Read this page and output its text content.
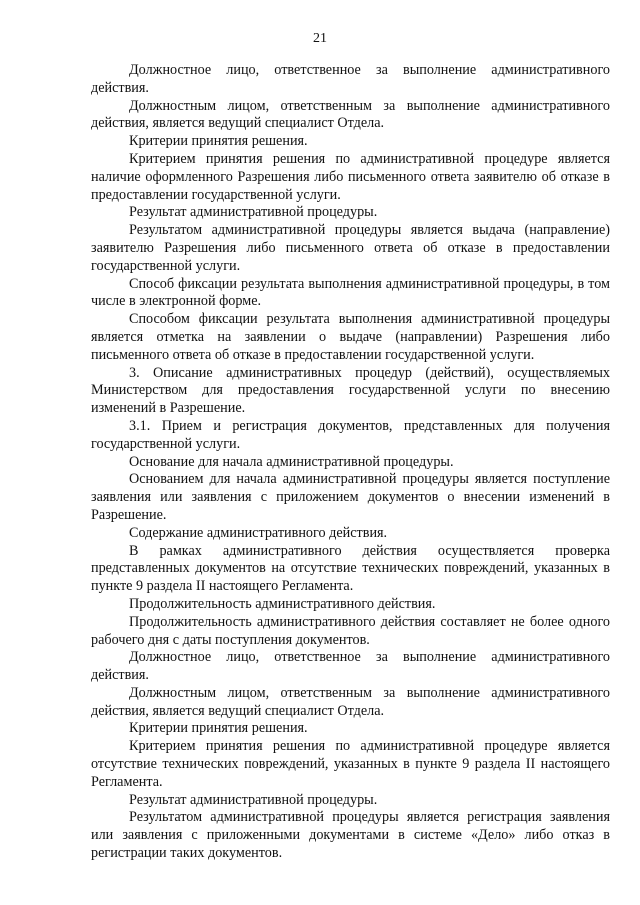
21

Должностное лицо, ответственное за выполнение административного действия.

Должностным лицом, ответственным за выполнение административного действия, является ведущий специалист Отдела.

Критерии принятия решения.

Критерием принятия решения по административной процедуре является наличие оформленного Разрешения либо письменного ответа заявителю об отказе в предоставлении государственной услуги.

Результат административной процедуры.

Результатом административной процедуры является выдача (направление) заявителю Разрешения либо письменного ответа об отказе в предоставлении государственной услуги.

Способ фиксации результата выполнения административной процедуры, в том числе в электронной форме.

Способом фиксации результата выполнения административной процедуры является отметка на заявлении о выдаче (направлении) Разрешения либо письменного ответа об отказе в предоставлении государственной услуги.

3. Описание административных процедур (действий), осуществляемых Министерством для предоставления государственной услуги по внесению изменений в Разрешение.

3.1. Прием и регистрация документов, представленных для получения государственной услуги.

Основание для начала административной процедуры.

Основанием для начала административной процедуры является поступление заявления или заявления с приложением документов о внесении изменений в Разрешение.

Содержание административного действия.

В рамках административного действия осуществляется проверка представленных документов на отсутствие технических повреждений, указанных в пункте 9 раздела II настоящего Регламента.

Продолжительность административного действия.

Продолжительность административного действия составляет не более одного рабочего дня с даты поступления документов.

Должностное лицо, ответственное за выполнение административного действия.

Должностным лицом, ответственным за выполнение административного действия, является ведущий специалист Отдела.

Критерии принятия решения.

Критерием принятия решения по административной процедуре является отсутствие технических повреждений, указанных в пункте 9 раздела II настоящего Регламента.

Результат административной процедуры.

Результатом административной процедуры является регистрация заявления или заявления с приложенными документами в системе «Дело» либо отказ в регистрации таких документов.
